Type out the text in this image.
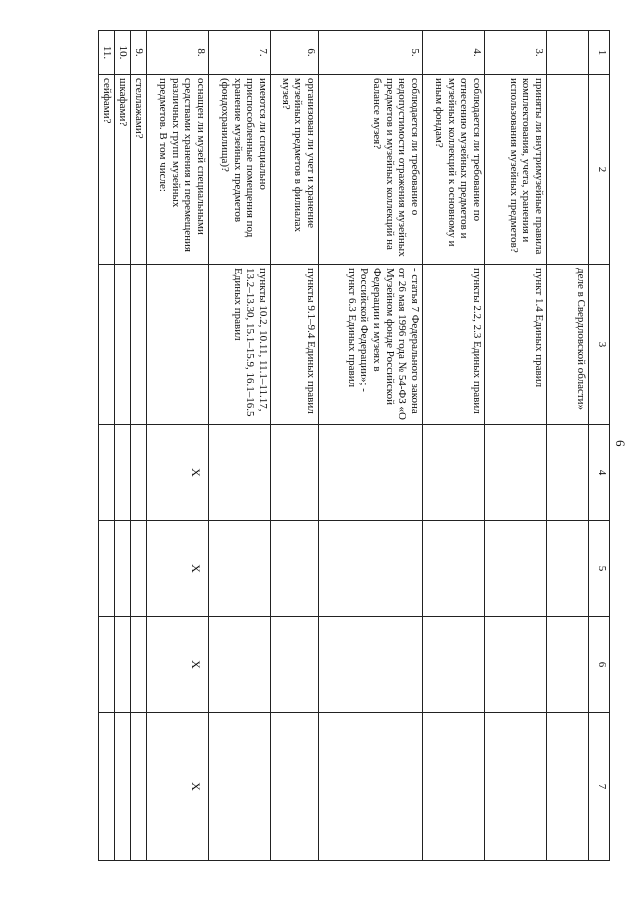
6
1	2	3	4	5	6	7
		деле в Свердловской области»				
3.	приняты ли внутримузейные правила комплектования, учета, хранения и использования музейных предметов?	пункт 1.4 Единых правил				
4.	соблюдается ли требование по отнесению музейных предметов и музейных коллекций к основному и иным фондам?	пункты 2.2, 2.3 Единых правил				
5.	соблюдается ли требование о недопустимости отражения музейных предметов и музейных коллекций на балансе музея?	- статья 7 Федерального закона от 26 мая 1996 года № 54-ФЗ «О Музейном фонде Российской Федерации и музеях в Российской Федерации»; - пункт 6.3 Единых правил				
6.	организован ли учет и хранение музейных предметов в филиалах музея?	пункты 9.1–9.4 Единых правил				
7.	имеются ли специально приспособленные помещения под хранение музейных предметов (фондохранилища)?	пункты 10.2, 10.11, 11.1–11.17, 13.2–13.30, 15.1–15.9, 16.1–16.5 Единых правил				
8.	оснащен ли музей специальными средствами хранения и перемещения различных групп музейных предметов. В том числе:		X	X	X	X
9.	стеллажами?					
10.	шкафами?					
11.	сейфами?					
